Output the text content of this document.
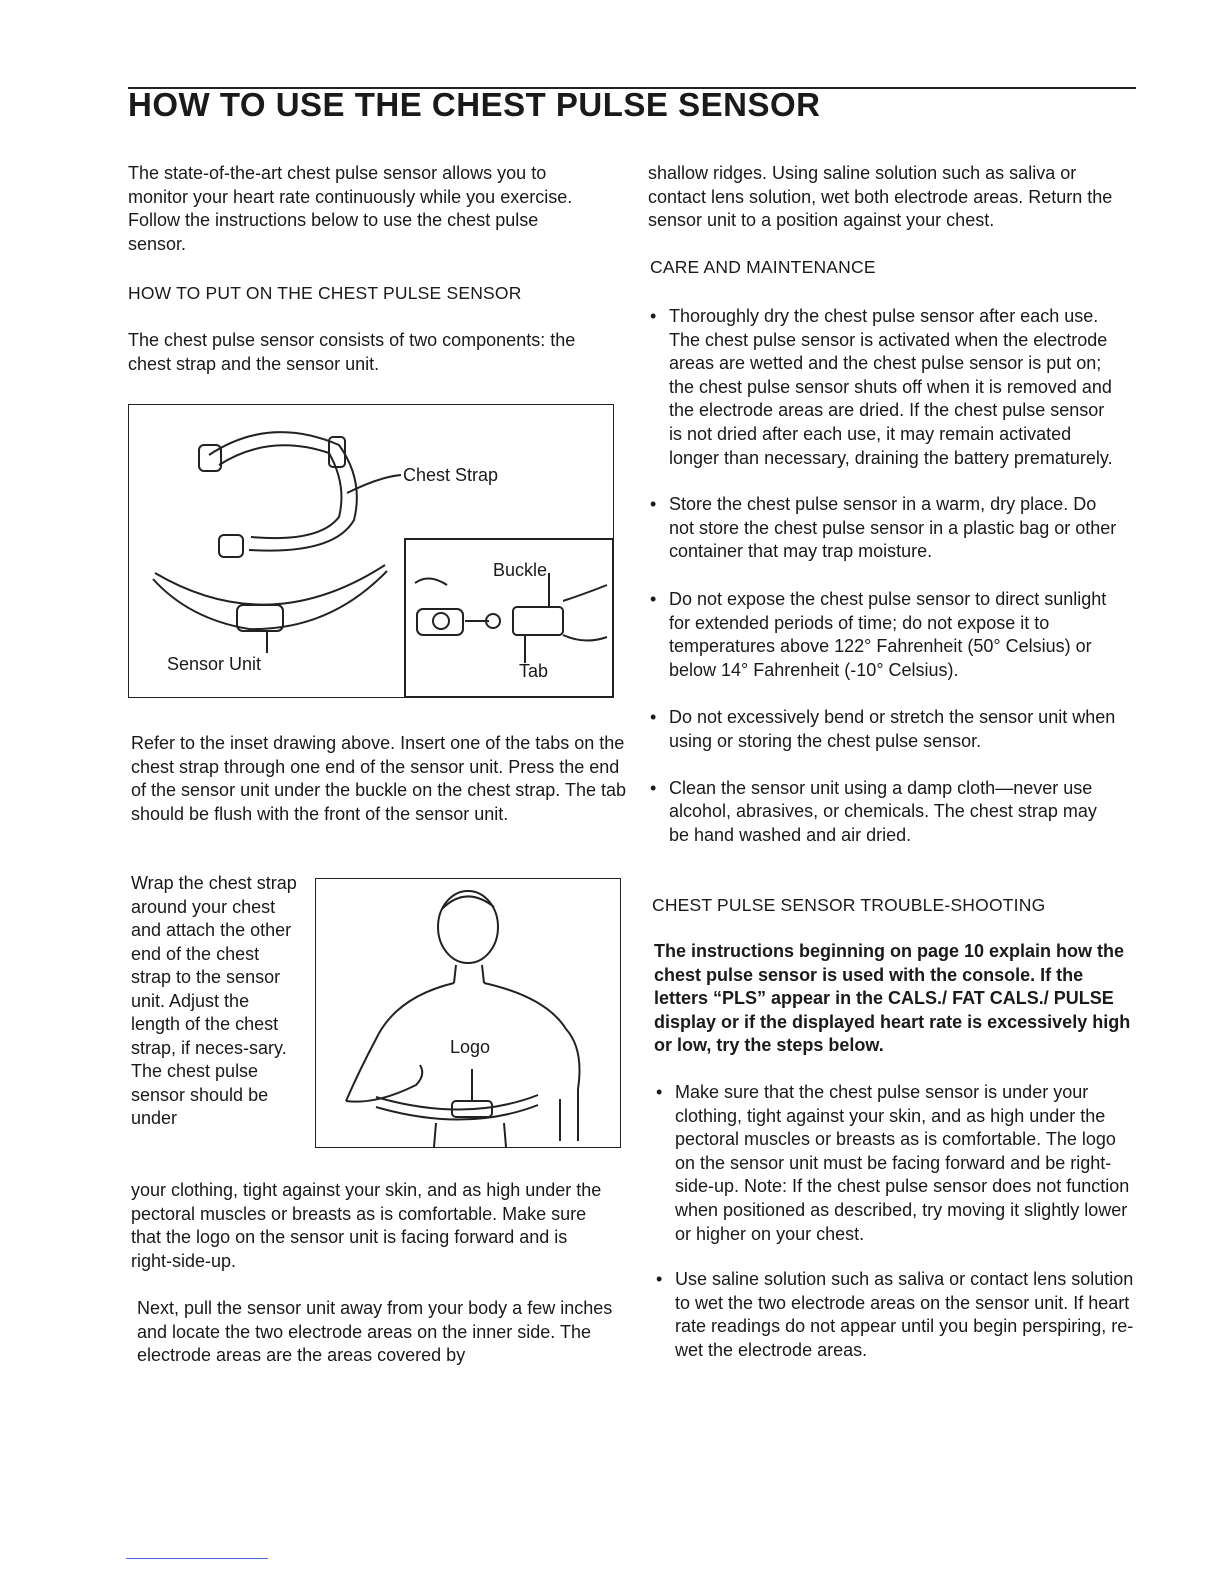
HOW TO USE THE CHEST PULSE SENSOR

The state-of-the-art chest pulse sensor allows you to monitor your heart rate continuously while you exercise. Follow the instructions below to use the chest pulse sensor.

HOW TO PUT ON THE CHEST PULSE SENSOR

The chest pulse sensor consists of two components: the chest strap and the sensor unit.

Chest Strap
Sensor Unit
Buckle
Tab

Refer to the inset drawing above. Insert one of the tabs on the chest strap through one end of the sensor unit. Press the end of the sensor unit under the buckle on the chest strap. The tab should be flush with the front of the sensor unit.

Wrap the chest strap around your chest and attach the other end of the chest strap to the sensor unit. Adjust the length of the chest strap, if neces-sary. The chest pulse sensor should be under

Logo

your clothing, tight against your skin, and as high under the pectoral muscles or breasts as is comfortable. Make sure that the logo on the sensor unit is facing forward and is right-side-up.

Next, pull the sensor unit away from your body a few inches and locate the two electrode areas on the inner side. The electrode areas are the areas covered by

shallow ridges. Using saline solution such as saliva or contact lens solution, wet both electrode areas. Return the sensor unit to a position against your chest.

CARE AND MAINTENANCE
• Thoroughly dry the chest pulse sensor after each use. The chest pulse sensor is activated when the electrode areas are wetted and the chest pulse sensor is put on; the chest pulse sensor shuts off when it is removed and the electrode areas are dried. If the chest pulse sensor is not dried after each use, it may remain activated longer than necessary, draining the battery prematurely.
• Store the chest pulse sensor in a warm, dry place. Do not store the chest pulse sensor in a plastic bag or other container that may trap moisture.
• Do not expose the chest pulse sensor to direct sunlight for extended periods of time; do not expose it to temperatures above 122° Fahrenheit (50° Celsius) or below 14° Fahrenheit (-10° Celsius).
• Do not excessively bend or stretch the sensor unit when using or storing the chest pulse sensor.
• Clean the sensor unit using a damp cloth—never use alcohol, abrasives, or chemicals. The chest strap may be hand washed and air dried.
CHEST PULSE SENSOR TROUBLE-SHOOTING

The instructions beginning on page 10 explain how the chest pulse sensor is used with the console. If the letters “PLS” appear in the CALS./ FAT CALS./ PULSE display or if the displayed heart rate is excessively high or low, try the steps below.

• Make sure that the chest pulse sensor is under your clothing, tight against your skin, and as high under the pectoral muscles or breasts as is comfortable. The logo on the sensor unit must be facing forward and be right-side-up. Note: If the chest pulse sensor does not function when positioned as described, try moving it slightly lower or higher on your chest.
• Use saline solution such as saliva or contact lens solution to wet the two electrode areas on the sensor unit. If heart rate readings do not appear until you begin perspiring, re-wet the electrode areas.
